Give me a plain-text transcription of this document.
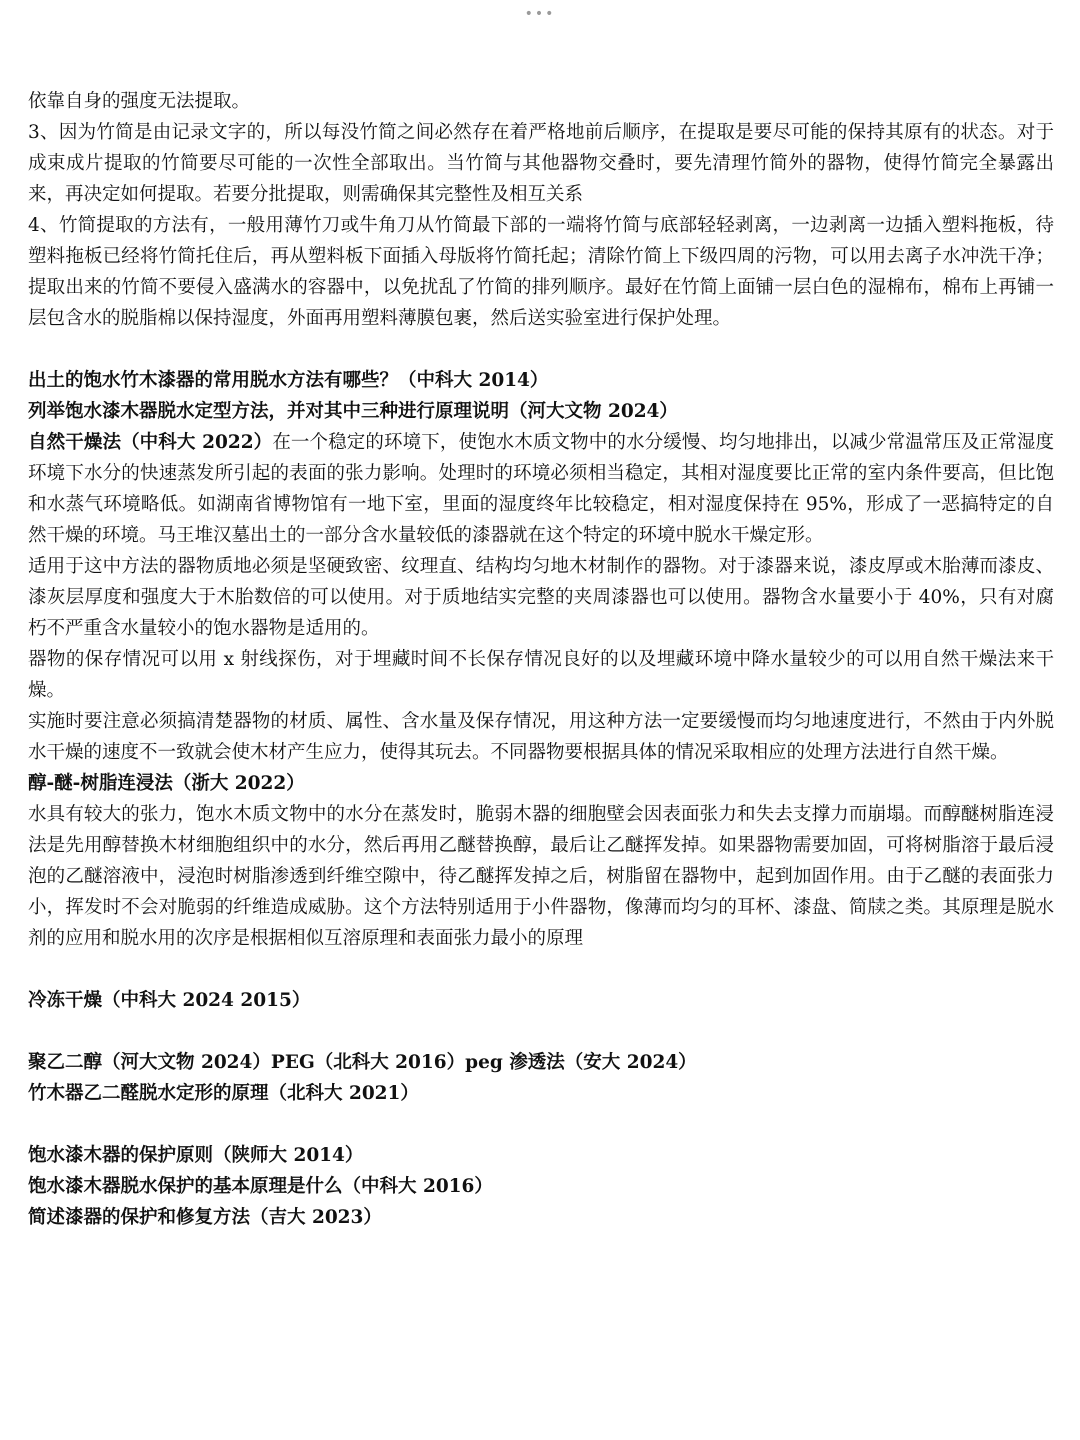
•••

依靠自身的强度无法提取。

3、因为竹简是由记录文字的，所以每没竹简之间必然存在着严格地前后顺序，在提取是要尽可能的保持其原有的状态。对于成束成片提取的竹简要尽可能的一次性全部取出。当竹简与其他器物交叠时，要先清理竹简外的器物，使得竹简完全暴露出来，再决定如何提取。若要分批提取，则需确保其完整性及相互关系

4、竹简提取的方法有，一般用薄竹刀或牛角刀从竹简最下部的一端将竹简与底部轻轻剥离，一边剥离一边插入塑料拖板，待塑料拖板已经将竹简托住后，再从塑料板下面插入母版将竹简托起；清除竹简上下级四周的污物，可以用去离子水冲洗干净；提取出来的竹简不要侵入盛满水的容器中，以免扰乱了竹简的排列顺序。最好在竹简上面铺一层白色的湿棉布，棉布上再铺一层包含水的脱脂棉以保持湿度，外面再用塑料薄膜包裹，然后送实验室进行保护处理。

出土的饱水竹木漆器的常用脱水方法有哪些？（中科大 2014）

列举饱水漆木器脱水定型方法，并对其中三种进行原理说明（河大文物 2024）

自然干燥法（中科大 2022）在一个稳定的环境下，使饱水木质文物中的水分缓慢、均匀地排出，以减少常温常压及正常湿度环境下水分的快速蒸发所引起的表面的张力影响。处理时的环境必须相当稳定，其相对湿度要比正常的室内条件要高，但比饱和水蒸气环境略低。如湖南省博物馆有一地下室，里面的湿度终年比较稳定，相对湿度保持在 95%，形成了一恶搞特定的自然干燥的环境。马王堆汉墓出土的一部分含水量较低的漆器就在这个特定的环境中脱水干燥定形。

适用于这中方法的器物质地必须是坚硬致密、纹理直、结构均匀地木材制作的器物。对于漆器来说，漆皮厚或木胎薄而漆皮、漆灰层厚度和强度大于木胎数倍的可以使用。对于质地结实完整的夹周漆器也可以使用。器物含水量要小于 40%，只有对腐朽不严重含水量较小的饱水器物是适用的。

器物的保存情况可以用 x 射线探伤，对于埋藏时间不长保存情况良好的以及埋藏环境中降水量较少的可以用自然干燥法来干燥。

实施时要注意必须搞清楚器物的材质、属性、含水量及保存情况，用这种方法一定要缓慢而均匀地速度进行，不然由于内外脱水干燥的速度不一致就会使木材产生应力，使得其玩去。不同器物要根据具体的情况采取相应的处理方法进行自然干燥。

醇-醚-树脂连浸法（浙大 2022）

水具有较大的张力，饱水木质文物中的水分在蒸发时，脆弱木器的细胞壁会因表面张力和失去支撑力而崩塌。而醇醚树脂连浸法是先用醇替换木材细胞组织中的水分，然后再用乙醚替换醇，最后让乙醚挥发掉。如果器物需要加固，可将树脂溶于最后浸泡的乙醚溶液中，浸泡时树脂渗透到纤维空隙中，待乙醚挥发掉之后，树脂留在器物中，起到加固作用。由于乙醚的表面张力小，挥发时不会对脆弱的纤维造成威胁。这个方法特别适用于小件器物，像薄而均匀的耳杯、漆盘、简牍之类。其原理是脱水剂的应用和脱水用的次序是根据相似互溶原理和表面张力最小的原理

冷冻干燥（中科大 2024 2015）

聚乙二醇（河大文物 2024）PEG（北科大 2016）peg 渗透法（安大 2024）

竹木器乙二醛脱水定形的原理（北科大 2021）

饱水漆木器的保护原则（陕师大 2014）

饱水漆木器脱水保护的基本原理是什么（中科大 2016）

简述漆器的保护和修复方法（吉大 2023）
